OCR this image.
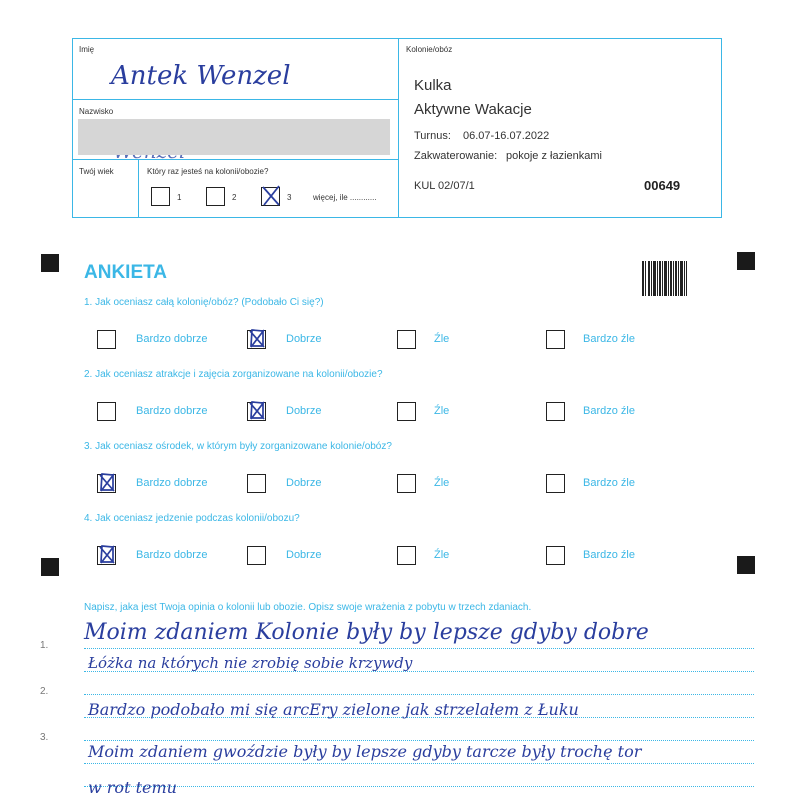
Imię
Antek Wenzel
Nazwisko
Twój wiek	Który raz jesteś na kolonii/obozie?
1	2	3	więcej, ile ............
Kolonie/obóz
Kulka
Aktywne Wakacje
Turnus: 06.07-16.07.2022
Zakwaterowanie: pokoje z łazienkami
KUL 02/07/1	00649
ANKIETA
1. Jak oceniasz całą kolonię/obóz? (Podobało Ci się?)
Bardzo dobrze	Dobrze	Źle	Bardzo źle
2. Jak oceniasz atrakcje i zajęcia zorganizowane na kolonii/obozie?
Bardzo dobrze	Dobrze	Źle	Bardzo źle
3. Jak oceniasz ośrodek, w którym były zorganizowane kolonie/obóz?
Bardzo dobrze	Dobrze	Źle	Bardzo źle
4. Jak oceniasz jedzenie podczas kolonii/obozu?
Bardzo dobrze	Dobrze	Źle	Bardzo źle
Napisz, jaka jest Twoja opinia o kolonii lub obozie. Opisz swoje wrażenia z pobytu w trzech zdaniach.
1.
2.
3.
Moim zdaniem Kolonie były by lepsze gdyby dobre
Łóżka na których nie zrobię sobie krzywdy
Bardzo podobało mi się arcEry zielone jak strzelałem z Łuku
Moim zdaniem gwoździe były by lepsze gdyby tarcze były trochę tor
w rot temu
